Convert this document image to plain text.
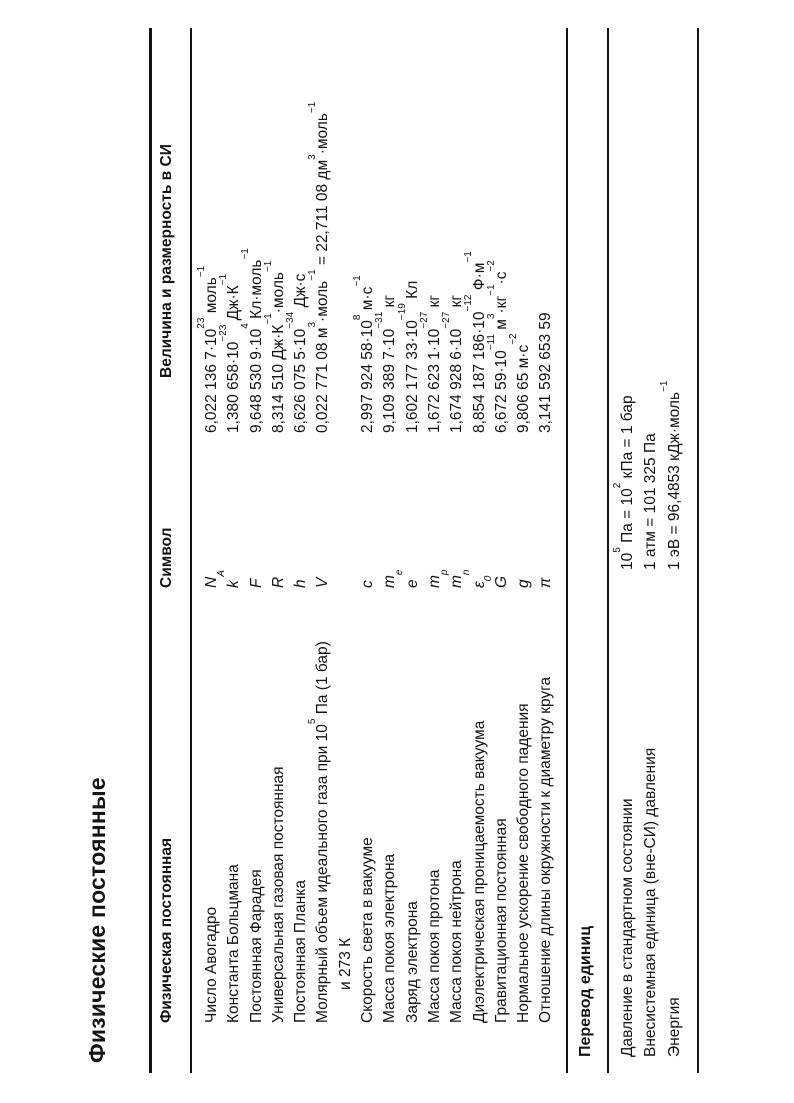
Физические постоянные	Физическая постоянная
Символ
Величина и размерность в СИ
Число Авогадро
$N_A$
6,022 136 $7\cdot 10^{23}$ моль$^{-1}$
Константа Больцмана
k
1,380 $658\cdot 10^{-23}$ $Дж\cdot К^{-1}$
Постоянная Фарадея
F
9,648 530 $9\cdot 10^4$ Кл·моль$^{-1}$
Универсальная газовая постоянная
R
8,314 510 $Дж\cdot К^{-1}\cdot моль^{-1}$
Постоянная Планка
h
6,626 075 $5\cdot 10^{-34}$ Дж·с
Молярный объем идеального газа при $10^5$ Па (1 бар)
и 273 К
V
0,022 771 08 $м^3\cdot моль^{-1} = 22,711$ 08 $дм^3\cdot моль^{-1}$
Скорость света в вакууме
c
2,997 924 $58\cdot 10^8$ $м\cdot с^{-1}$
Масса покоя электрона
$m_e$
9,109 389 $7\cdot 10^{-31}$ кг
Заряд электрона
e
1,602 177 $33\cdot 10^{-19}$ Кл
Масса покоя протона
$m_p$
1,672 623 $1\cdot 10^{-27}$ кг
Масса покоя нейтрона
$m_n$
1,674 928 $6\cdot 10^{-27}$ кг
Диэлектрическая проницаемость вакуума
$\varepsilon_0$
8,854 187 $186\cdot 10^{-12}$ $Ф\cdot м^{-1}$
Гравитационная постоянная
G
6,672 $59\cdot 10^{-11}$ $м^3\cdot кг^{-1}\cdot с^{-2}$
Нормальное ускорение свободного падения
g
9,806 65 $м\cdot с^{-2}$
Отношение длины окружности к диаметру круга
π
3,141 592 653 59
Перевод единиц Давление в стандартном состоянии
$10^5$ Па = $10^2$ кПа = 1 бар
Внесистемная единица (вне-СИ) давления
1 атм = 101 325 Па
Энергия
1 эВ = 96,4853 кДж·моль$^{-1}$
